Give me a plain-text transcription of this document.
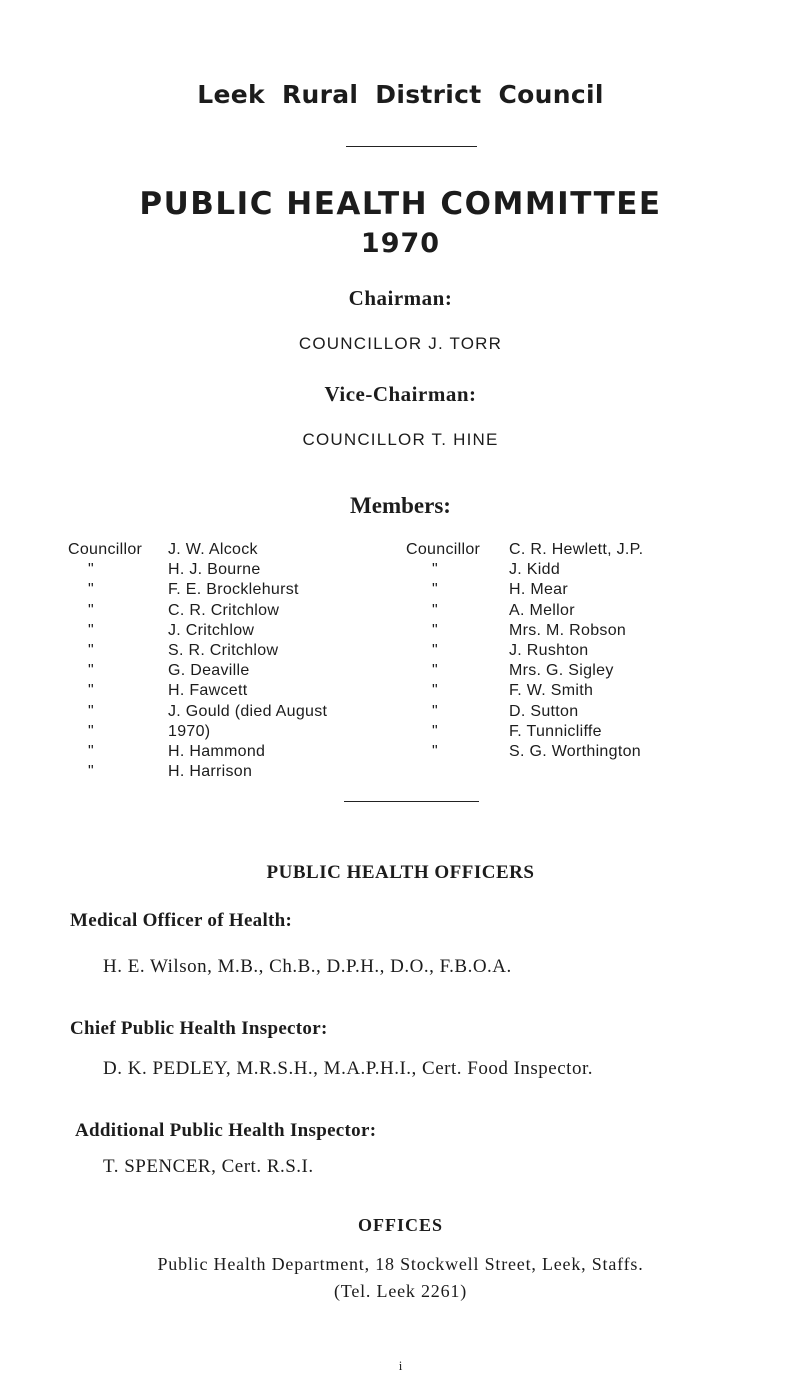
Leek Rural District Council
PUBLIC HEALTH COMMITTEE
1970
Chairman:
COUNCILLOR J. TORR
Vice-Chairman:
COUNCILLOR T. HINE
Members:
Councillor
"
"
"
"
"
"
"
"
"
"
"
J. W. Alcock
H. J. Bourne
F. E. Brocklehurst
C. R. Critchlow
J. Critchlow
S. R. Critchlow
G. Deaville
H. Fawcett
J. Gould (died August
1970)
H. Hammond
H. Harrison
Councillor
"
"
"
"
"
"
"
"
"
"
C. R. Hewlett, J.P.
J. Kidd
H. Mear
A. Mellor
Mrs. M. Robson
J. Rushton
Mrs. G. Sigley
F. W. Smith
D. Sutton
F. Tunnicliffe
S. G. Worthington
PUBLIC HEALTH OFFICERS
Medical Officer of Health:
H. E. Wilson, M.B., Ch.B., D.P.H., D.O., F.B.O.A.
Chief Public Health Inspector:
D. K. PEDLEY, M.R.S.H., M.A.P.H.I., Cert. Food Inspector.
Additional Public Health Inspector:
T. SPENCER, Cert. R.S.I.
OFFICES
Public Health Department, 18 Stockwell Street, Leek, Staffs.
(Tel. Leek 2261)
i
